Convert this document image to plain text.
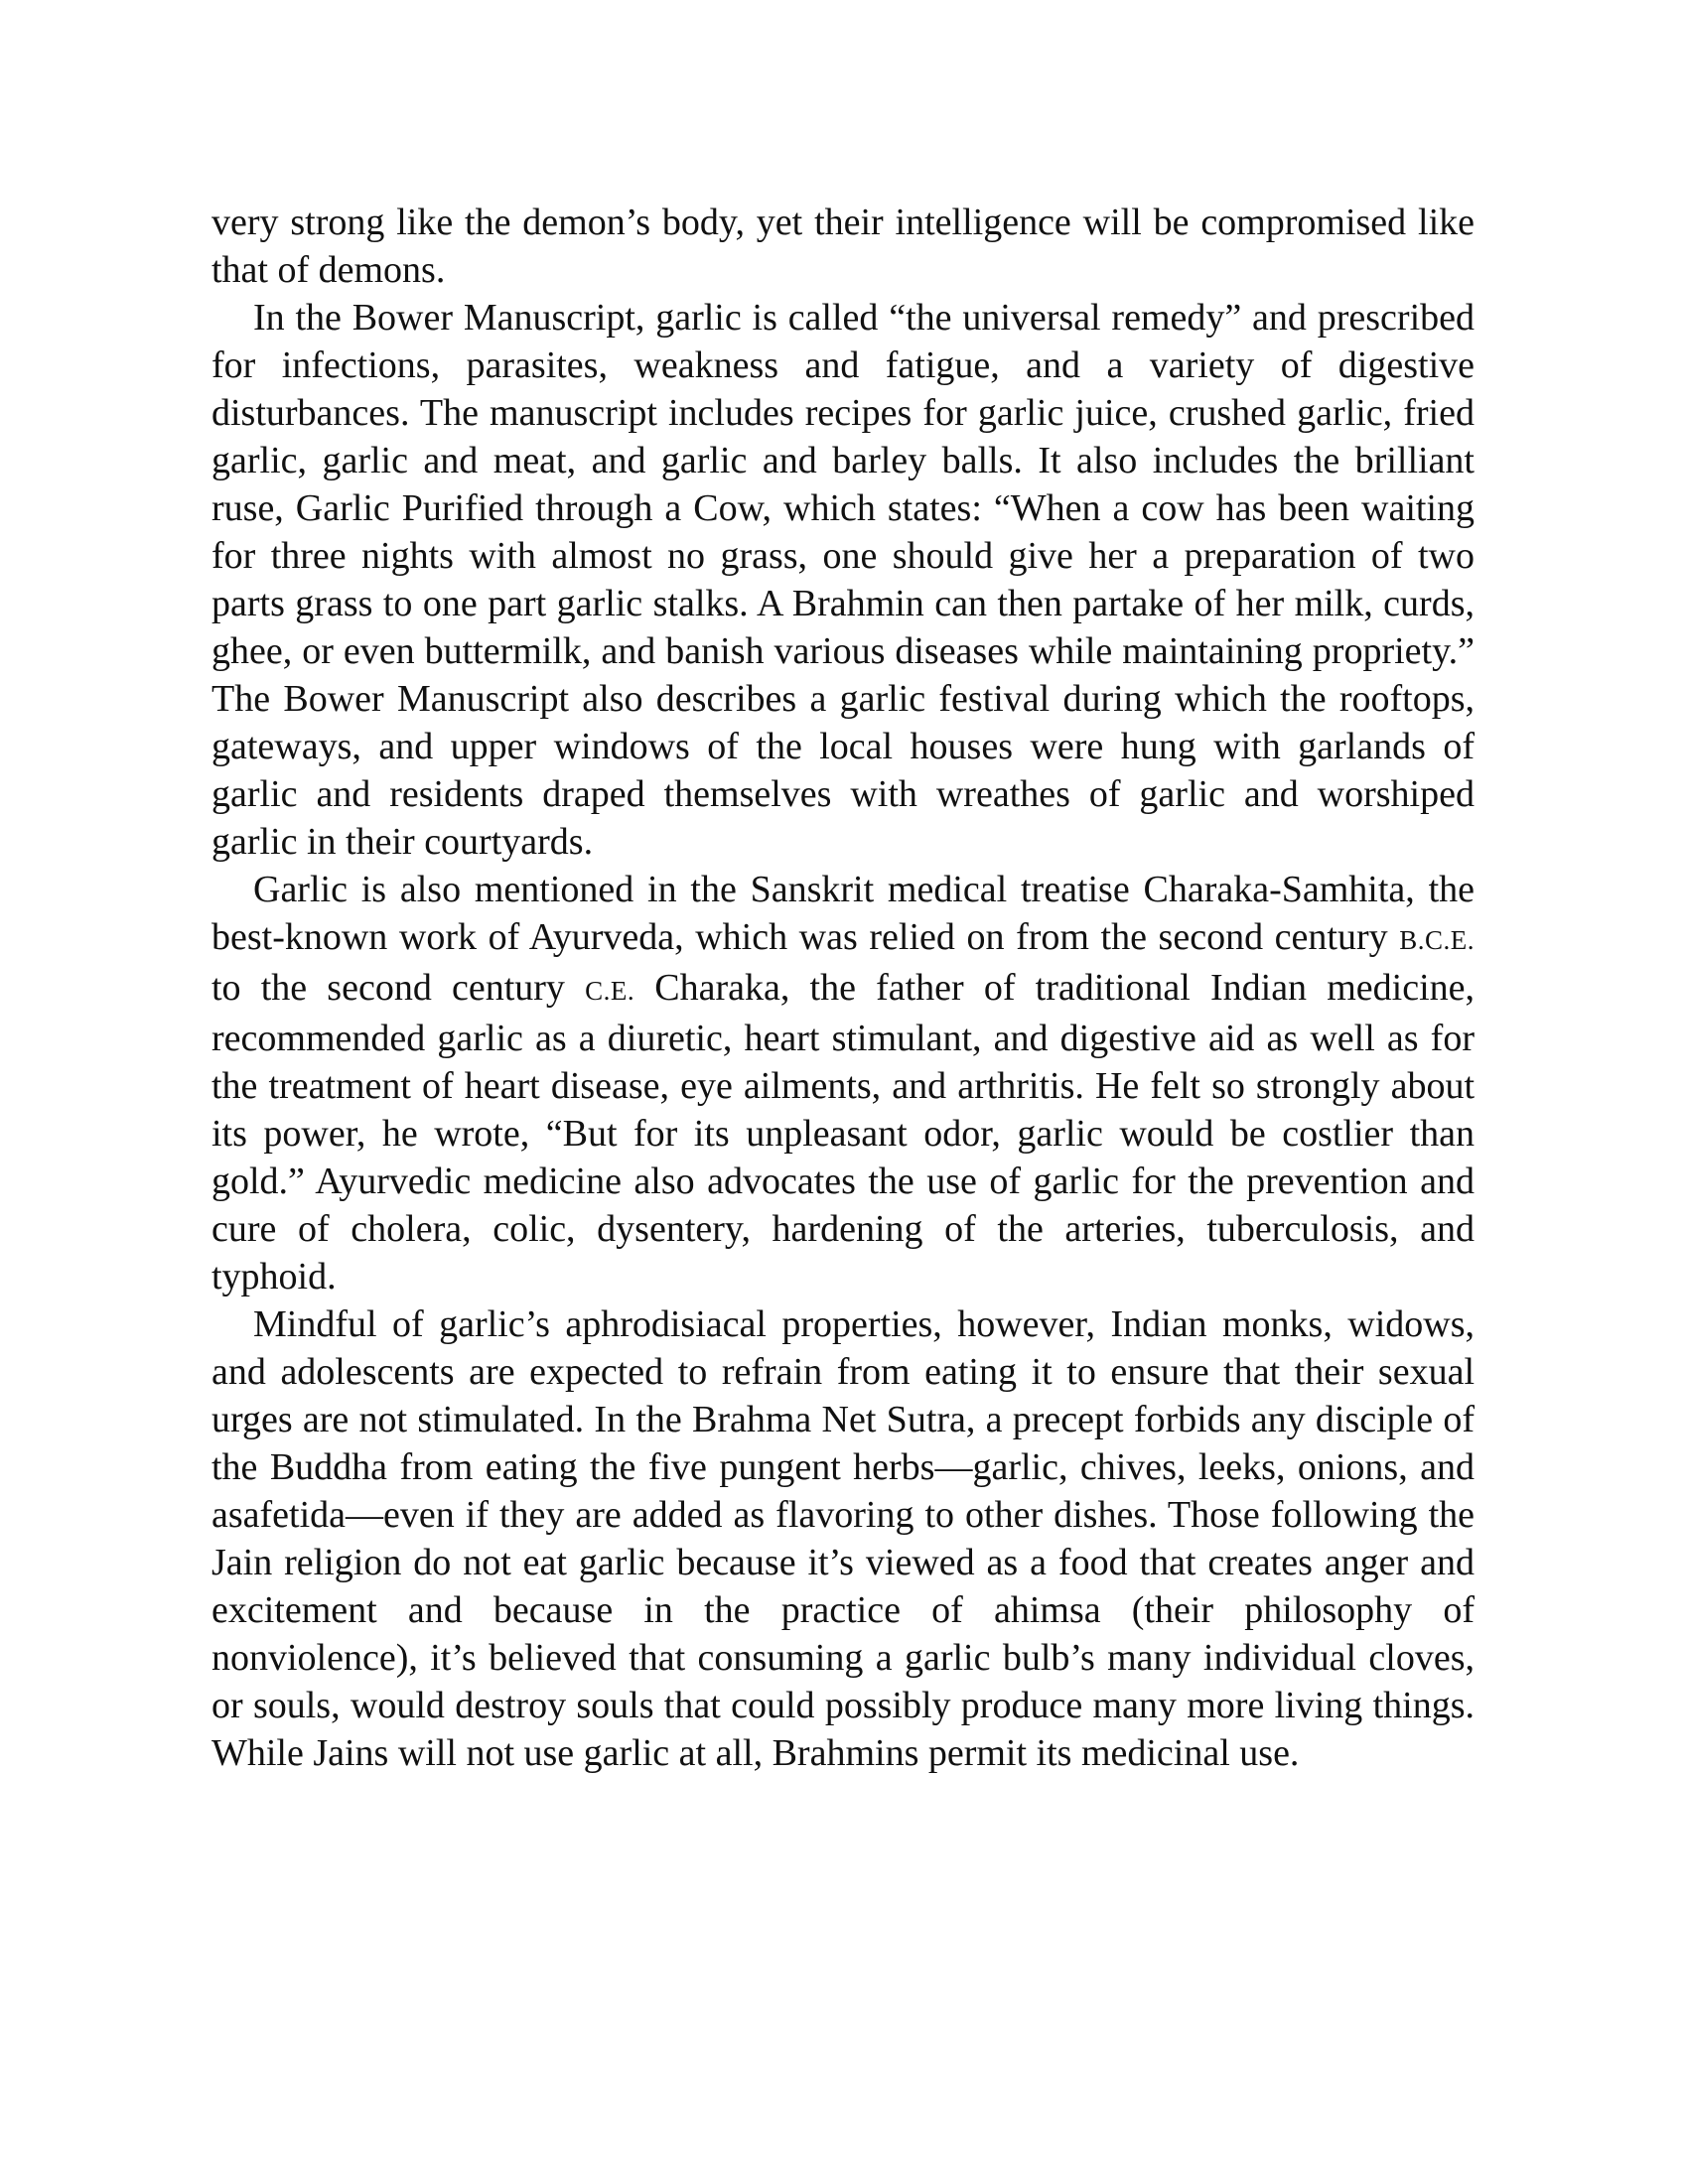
very strong like the demon’s body, yet their intelligence will be compromised like that of demons.

In the Bower Manuscript, garlic is called “the universal remedy” and prescribed for infections, parasites, weakness and fatigue, and a variety of digestive disturbances. The manuscript includes recipes for garlic juice, crushed garlic, fried garlic, garlic and meat, and garlic and barley balls. It also includes the brilliant ruse, Garlic Purified through a Cow, which states: “When a cow has been waiting for three nights with almost no grass, one should give her a preparation of two parts grass to one part garlic stalks. A Brahmin can then partake of her milk, curds, ghee, or even buttermilk, and banish various diseases while maintaining propriety.” The Bower Manuscript also describes a garlic festival during which the rooftops, gateways, and upper windows of the local houses were hung with garlands of garlic and residents draped themselves with wreathes of garlic and worshiped garlic in their courtyards.

Garlic is also mentioned in the Sanskrit medical treatise Charaka-Samhita, the best-known work of Ayurveda, which was relied on from the second century B.C.E. to the second century C.E. Charaka, the father of traditional Indian medicine, recommended garlic as a diuretic, heart stimulant, and digestive aid as well as for the treatment of heart disease, eye ailments, and arthritis. He felt so strongly about its power, he wrote, “But for its unpleasant odor, garlic would be costlier than gold.” Ayurvedic medicine also advocates the use of garlic for the prevention and cure of cholera, colic, dysentery, hardening of the arteries, tuberculosis, and typhoid.

Mindful of garlic’s aphrodisiacal properties, however, Indian monks, widows, and adolescents are expected to refrain from eating it to ensure that their sexual urges are not stimulated. In the Brahma Net Sutra, a precept forbids any disciple of the Buddha from eating the five pungent herbs—garlic, chives, leeks, onions, and asafetida—even if they are added as flavoring to other dishes. Those following the Jain religion do not eat garlic because it’s viewed as a food that creates anger and excitement and because in the practice of ahimsa (their philosophy of nonviolence), it’s believed that consuming a garlic bulb’s many individual cloves, or souls, would destroy souls that could possibly produce many more living things. While Jains will not use garlic at all, Brahmins permit its medicinal use.
